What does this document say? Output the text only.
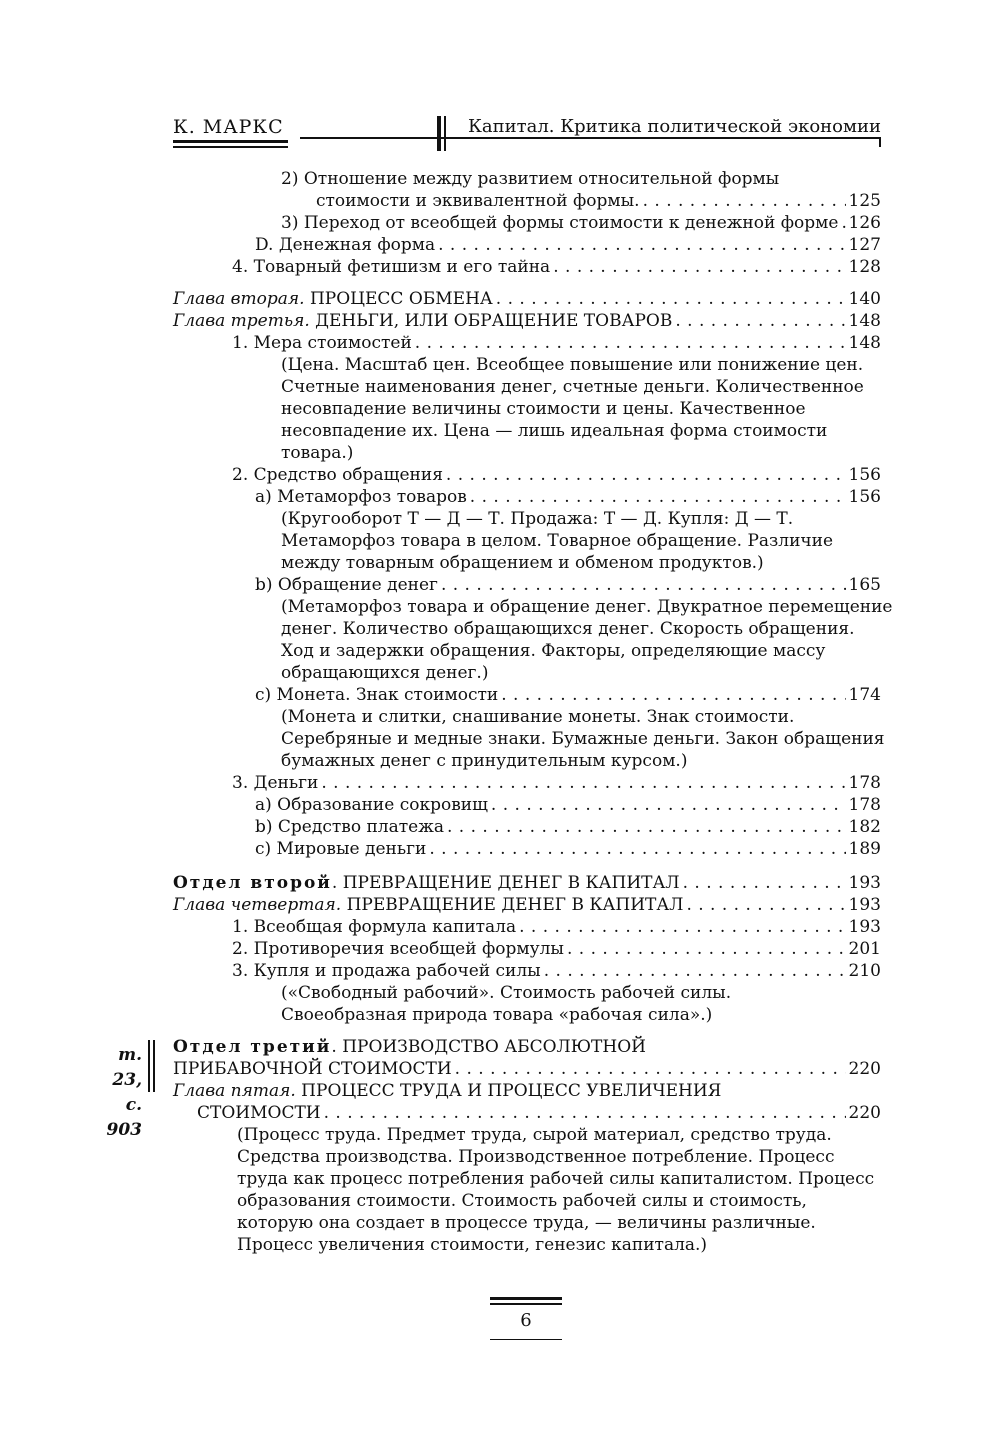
К. МАРКС	Капитал. Критика политической экономии
2) Отношение между развитием относительной формы
стоимости и эквивалентной формы. . . .	125
3) Переход от всеобщей формы стоимости к денежной форме . . . 126
D. Денежная форма . . .	127
4. Товарный фетишизм и его тайна . . .	128
Глава вторая. ПРОЦЕСС ОБМЕНА . . .	140
Глава третья. ДЕНЬГИ, ИЛИ ОБРАЩЕНИЕ ТОВАРОВ . . .	148
1. Мера стоимостей . . .	148
(Цена. Масштаб цен. Всеобщее повышение или понижение цен.
Счетные наименования денег, счетные деньги. Количественное
несовпадение величины стоимости и цены. Качественное
несовпадение их. Цена — лишь идеальная форма стоимости
товара.)
2. Средство обращения . . .	156
a) Метаморфоз товаров . . .	156
(Кругооборот Т — Д — Т. Продажа: Т — Д. Купля: Д — Т.
Метаморфоз товара в целом. Товарное обращение. Различие
между товарным обращением и обменом продуктов.)
b) Обращение денег . . .	165
(Метаморфоз товара и обращение денег. Двукратное перемещение
денег. Количество обращающихся денег. Скорость обращения.
Ход и задержки обращения. Факторы, определяющие массу
обращающихся денег.)
c) Монета. Знак стоимости . . .	174
(Монета и слитки, снашивание монеты. Знак стоимости.
Серебряные и медные знаки. Бумажные деньги. Закон обращения
бумажных денег с принудительным курсом.)
3. Деньги . . .	178
a) Образование сокровищ . . .	178
b) Средство платежа . . .	182
c) Мировые деньги . . .	189
Отдел второй. ПРЕВРАЩЕНИЕ ДЕНЕГ В КАПИТАЛ . . .	193
Глава четвертая. ПРЕВРАЩЕНИЕ ДЕНЕГ В КАПИТАЛ . . .	193
1. Всеобщая формула капитала . . .	193
2. Противоречия всеобщей формулы . . .	201
3. Купля и продажа рабочей силы . . .	210
(«Свободный рабочий». Стоимость рабочей силы.
Своеобразная природа товара «рабочая сила».)
Отдел третий. ПРОИЗВОДСТВО АБСОЛЮТНОЙ
ПРИБАВОЧНОЙ СТОИМОСТИ . . .	220
Глава пятая. ПРОЦЕСС ТРУДА И ПРОЦЕСС УВЕЛИЧЕНИЯ
СТОИМОСТИ . . .	220
(Процесс труда. Предмет труда, сырой материал, средство труда.
Средства производства. Производственное потребление. Процесс
труда как процесс потребления рабочей силы капиталистом. Процесс
образования стоимости. Стоимость рабочей силы и стоимость,
которую она создает в процессе труда, — величины различные.
Процесс увеличения стоимости, генезис капитала.)
т. 23,
с. 903
6
